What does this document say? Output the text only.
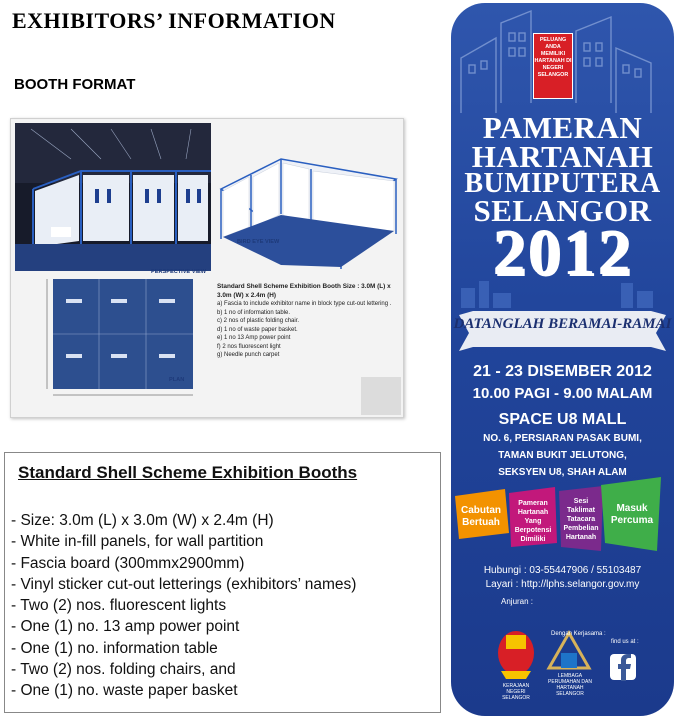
EXHIBITORS’ INFORMATION
BOOTH FORMAT
PERSPECTIVE VIEW
BIRD EYE VIEW
PLAN
Standard Shell Scheme Exhibition Booth Size : 3.0M (L) x 3.0m (W) x 2.4m (H)
a) Fascia to include exhibitor name in block type cut-out lettering .
b) 1 no of information table.
c) 2 nos of plastic folding chair.
d) 1 no of waste paper basket.
e) 1 no 13 Amp power point
f) 2 nos fluorescent light
g) Needle punch carpet
Standard Shell Scheme Exhibition Booths
- Size: 3.0m (L) x 3.0m (W) x 2.4m (H)
- White in-fill panels, for wall partition
- Fascia board (300mmx2900mm)
- Vinyl sticker cut-out letterings (exhibitors’ names)
- Two (2) nos. fluorescent lights
- One (1) no. 13 amp power point
- One (1) no. information table
- Two (2) nos. folding chairs, and
- One (1) no. waste paper basket
PELUANG ANDA MEMILIKI HARTANAH DI NEGERI SELANGOR
PAMERAN
HARTANAH
BUMIPUTERA
SELANGOR
2012
DATANGLAH BERAMAI-RAMAI
21 - 23 DISEMBER 2012
10.00 PAGI - 9.00 MALAM
SPACE U8 MALL
NO. 6, PERSIARAN PASAK BUMI,
TAMAN BUKIT JELUTONG,
SEKSYEN U8, SHAH ALAM
Cabutan Bertuah
Pameran Hartanah Yang Berpotensi Dimiliki
Sesi Taklimat Tatacara Pembelian Hartanah
Masuk Percuma
Hubungi : 03-55447906 / 55103487
Layari : http://lphs.selangor.gov.my
Anjuran :
Dengan Kerjasama :
find us at :
KERAJAAN NEGERI SELANGOR
LEMBAGA PERUMAHAN DAN HARTANAH SELANGOR
